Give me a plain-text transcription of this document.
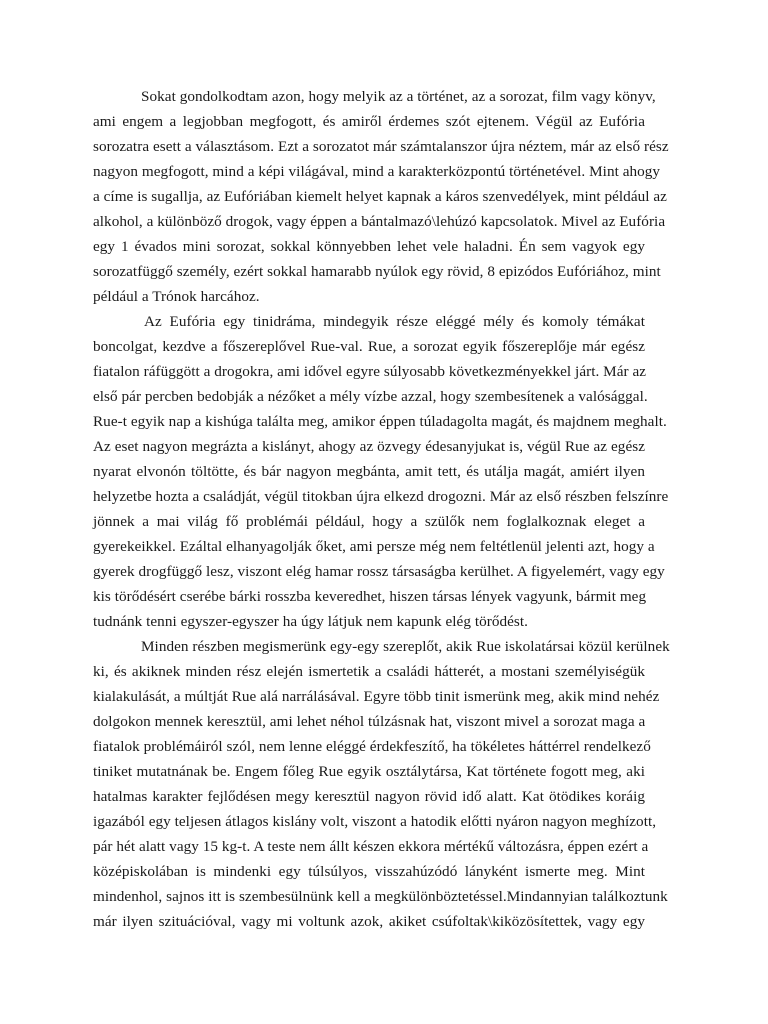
Sokat gondolkodtam azon, hogy melyik az a történet, az a sorozat, film vagy könyv,
ami engem a legjobban megfogott, és amiről érdemes szót ejtenem. Végül az Eufória
sorozatra esett a választásom. Ezt a sorozatot már számtalanszor újra néztem, már az első rész
nagyon megfogott, mind a képi világával, mind a karakterközpontú történetével. Mint ahogy
a címe is sugallja, az Eufóriában kiemelt helyet kapnak a káros szenvedélyek, mint például az
alkohol, a különböző drogok, vagy éppen a bántalmazó\lehúzó kapcsolatok. Mivel az Eufória
egy 1 évados mini sorozat, sokkal könnyebben lehet vele haladni. Én sem vagyok egy
sorozatfüggő személy, ezért sokkal hamarabb nyúlok egy rövid, 8 epizódos Eufóriához, mint
például a Trónok harcához.
Az Eufória egy tinidráma, mindegyik része eléggé mély és komoly témákat
boncolgat, kezdve a főszereplővel Rue-val. Rue, a sorozat egyik főszereplője már egész
fiatalon ráfüggött a drogokra, ami idővel egyre súlyosabb következményekkel járt. Már az
első pár percben bedobják a nézőket a mély vízbe azzal, hogy szembesítenek a valósággal.
Rue-t egyik nap a kishúga találta meg, amikor éppen túladagolta magát, és majdnem meghalt.
Az eset nagyon megrázta a kislányt, ahogy az özvegy édesanyjukat is, végül Rue az egész
nyarat elvonón töltötte, és bár nagyon megbánta, amit tett, és utálja magát, amiért ilyen
helyzetbe hozta a családját, végül titokban újra elkezd drogozni. Már az első részben felszínre
jönnek a mai világ fő problémái például, hogy a szülők nem foglalkoznak eleget a
gyerekeikkel. Ezáltal elhanyagolják őket, ami persze még nem feltétlenül jelenti azt, hogy a
gyerek drogfüggő lesz, viszont elég hamar rossz társaságba kerülhet. A figyelemért, vagy egy
kis törődésért cserébe bárki rosszba keveredhet, hiszen társas lények vagyunk, bármit meg
tudnánk tenni egyszer-egyszer ha úgy látjuk nem kapunk elég törődést.
Minden részben megismerünk egy-egy szereplőt, akik Rue iskolatársai közül kerülnek
ki, és akiknek minden rész elején ismertetik a családi hátterét, a mostani személyiségük
kialakulását, a múltját Rue alá narrálásával. Egyre több tinit ismerünk meg, akik mind nehéz
dolgokon mennek keresztül, ami lehet néhol túlzásnak hat, viszont mivel a sorozat maga a
fiatalok problémáiról szól, nem lenne eléggé érdekfeszítő, ha tökéletes háttérrel rendelkező
tiniket mutatnának be. Engem főleg Rue egyik osztálytársa, Kat története fogott meg, aki
hatalmas karakter fejlődésen megy keresztül nagyon rövid idő alatt. Kat ötödikes koráig
igazából egy teljesen átlagos kislány volt, viszont a hatodik előtti nyáron nagyon meghízott,
pár hét alatt vagy 15 kg-t. A teste nem állt készen ekkora mértékű változásra, éppen ezért a
középiskolában is mindenki egy túlsúlyos, visszahúzódó lányként ismerte meg. Mint
mindenhol, sajnos itt is szembesülnünk kell a megkülönböztetéssel.Mindannyian találkoztunk
már ilyen szituációval, vagy mi voltunk azok, akiket csúfoltak\kiközösítettek, vagy egy
